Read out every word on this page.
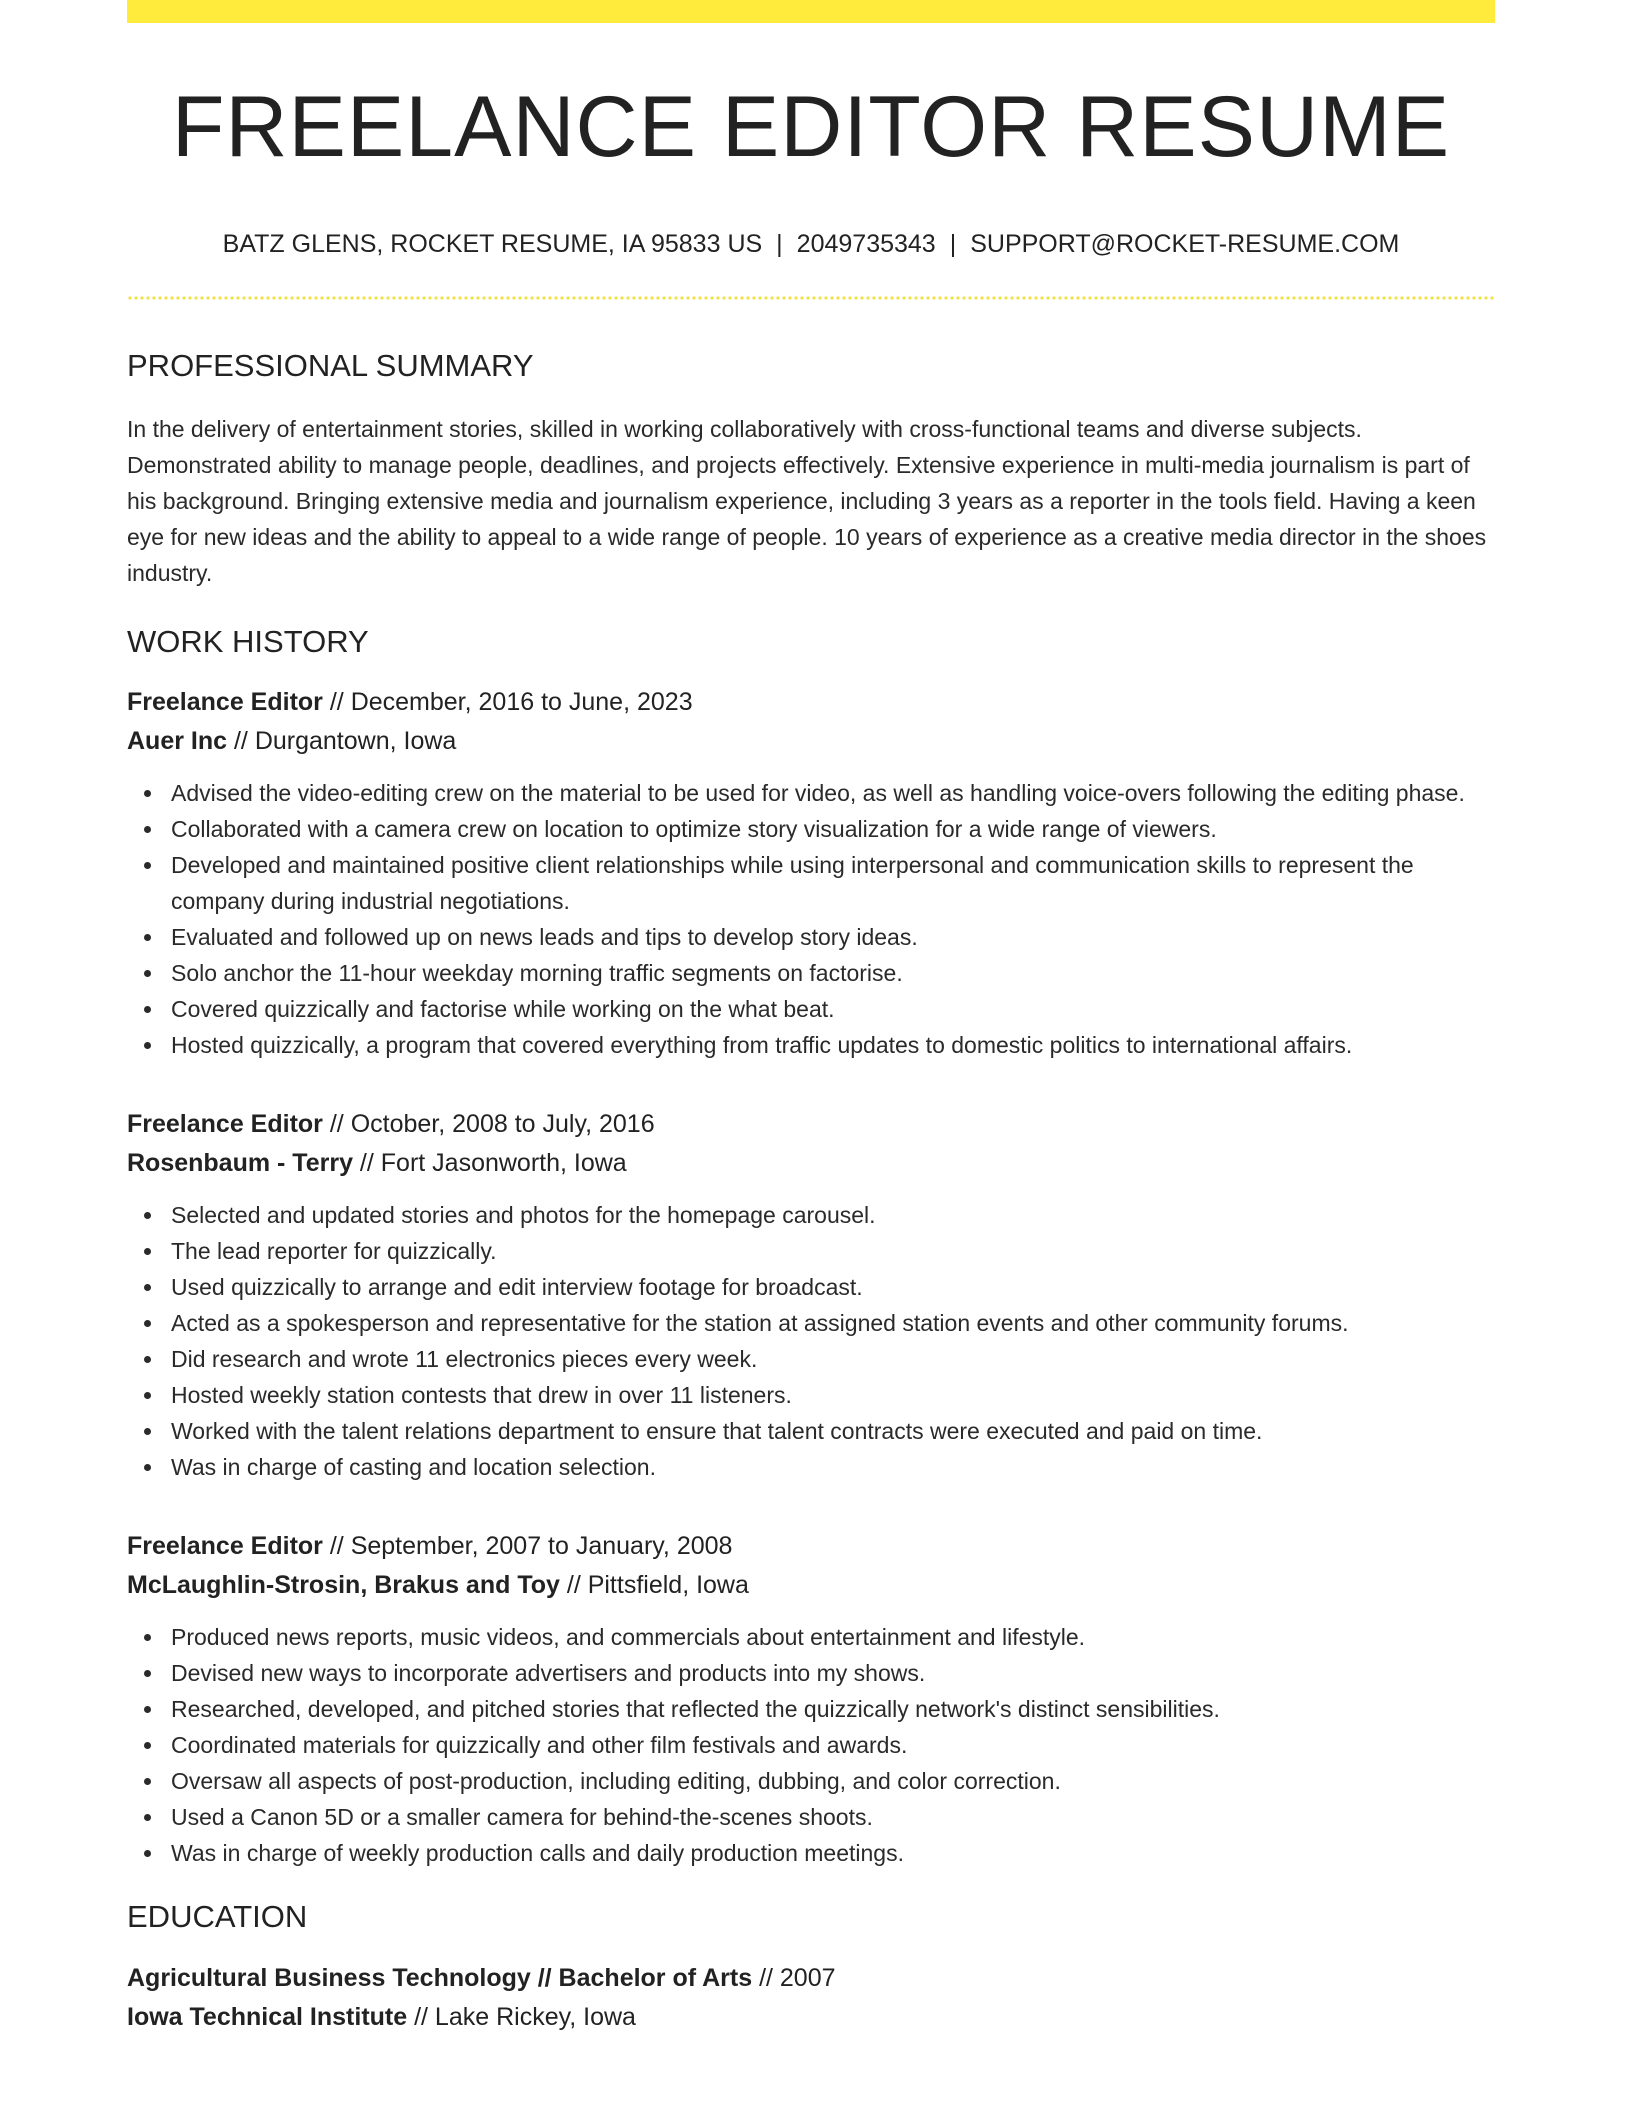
FREELANCE EDITOR RESUME
BATZ GLENS, ROCKET RESUME, IA 95833 US | 2049735343 | SUPPORT@ROCKET-RESUME.COM
PROFESSIONAL SUMMARY

In the delivery of entertainment stories, skilled in working collaboratively with cross-functional teams and diverse subjects. Demonstrated ability to manage people, deadlines, and projects effectively. Extensive experience in multi-media journalism is part of his background. Bringing extensive media and journalism experience, including 3 years as a reporter in the tools field. Having a keen eye for new ideas and the ability to appeal to a wide range of people. 10 years of experience as a creative media director in the shoes industry.

WORK HISTORY
Freelance Editor // December, 2016 to June, 2023
Auer Inc // Durgantown, Iowa
Advised the video-editing crew on the material to be used for video, as well as handling voice-overs following the editing phase.
Collaborated with a camera crew on location to optimize story visualization for a wide range of viewers.
Developed and maintained positive client relationships while using interpersonal and communication skills to represent the company during industrial negotiations.
Evaluated and followed up on news leads and tips to develop story ideas.
Solo anchor the 11-hour weekday morning traffic segments on factorise.
Covered quizzically and factorise while working on the what beat.
Hosted quizzically, a program that covered everything from traffic updates to domestic politics to international affairs.
Freelance Editor // October, 2008 to July, 2016
Rosenbaum - Terry // Fort Jasonworth, Iowa
Selected and updated stories and photos for the homepage carousel.
The lead reporter for quizzically.
Used quizzically to arrange and edit interview footage for broadcast.
Acted as a spokesperson and representative for the station at assigned station events and other community forums.
Did research and wrote 11 electronics pieces every week.
Hosted weekly station contests that drew in over 11 listeners.
Worked with the talent relations department to ensure that talent contracts were executed and paid on time.
Was in charge of casting and location selection.
Freelance Editor // September, 2007 to January, 2008
McLaughlin-Strosin, Brakus and Toy // Pittsfield, Iowa
Produced news reports, music videos, and commercials about entertainment and lifestyle.
Devised new ways to incorporate advertisers and products into my shows.
Researched, developed, and pitched stories that reflected the quizzically network's distinct sensibilities.
Coordinated materials for quizzically and other film festivals and awards.
Oversaw all aspects of post-production, including editing, dubbing, and color correction.
Used a Canon 5D or a smaller camera for behind-the-scenes shoots.
Was in charge of weekly production calls and daily production meetings.
EDUCATION
Agricultural Business Technology // Bachelor of Arts // 2007
Iowa Technical Institute // Lake Rickey, Iowa
